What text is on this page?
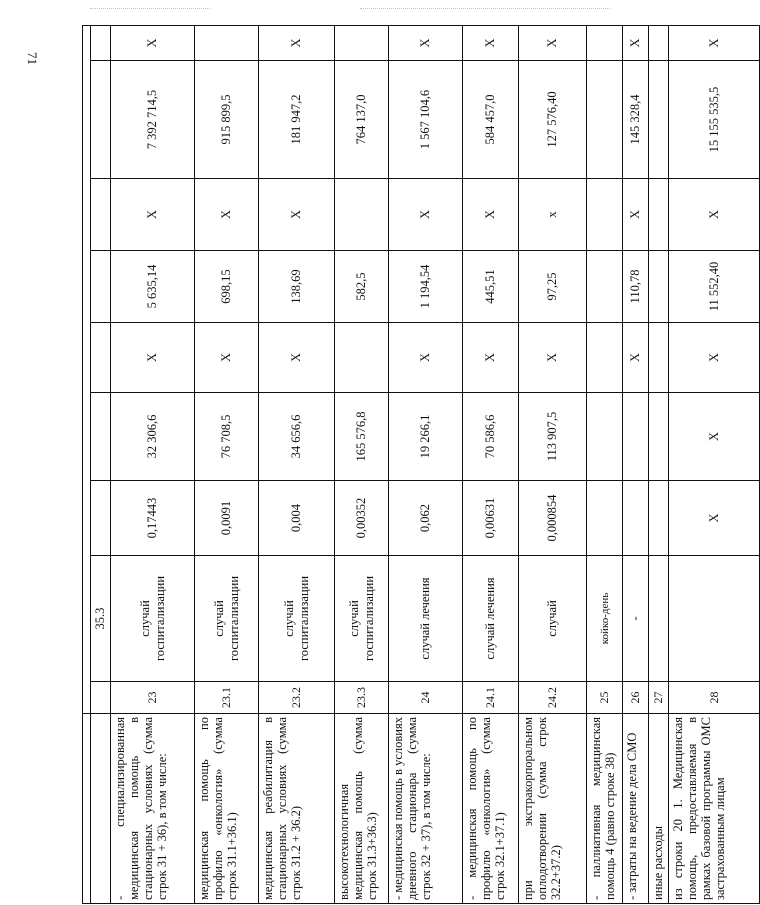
71

		35.3							
- специализированная медицинская помощь в стационарных условиях (сумма строк 31 + 36), в том числе:	23	случай госпитализации	0,17443	32 306,6	X	5 635,14	X	7 392 714,5	X
медицинская помощь по профилю «онкология» (сумма строк 31.1+36.1)	23.1	случай госпитализации	0,0091	76 708,5	X	698,15	X	915 899,5	
медицинская реабилитация в стационарных условиях (сумма строк 31.2 + 36.2)	23.2	случай госпитализации	0,004	34 656,6	X	138,69	X	181 947,2	X
высокотехнологичная медицинская помощь (сумма строк 31.3+36.3)	23.3	случай госпитализации	0,00352	165 576,8		582,5		764 137,0	
- медицинская помощь в условиях дневного стационара (сумма строк 32 + 37), в том числе:	24	случай лечения	0,062	19 266,1	X	1 194,54	X	1 567 104,6	X
- медицинская помощь по профилю «онкология» (сумма строк 32.1+37.1)	24.1	случай лечения	0,00631	70 586,6	X	445,51	X	584 457,0	X
при экстракорпоральном оплодотворении (сумма строк 32.2+37.2)	24.2	случай	0,000854	113 907,5	X	97,25	x	127 576,40	X
- паллиативная медицинская помощь 4 (равно строке 38)	25	койко-день							
- затраты на ведение дела СМО	26	-			X	110,78	X	145 328,4	X
иные расходы	27								
из строки 20 1. Медицинская помощь, предоставляемая в рамках базовой программы ОМС застрахованным лицам	28		X	X	X	11 552,40	X	15 155 535,5	X
